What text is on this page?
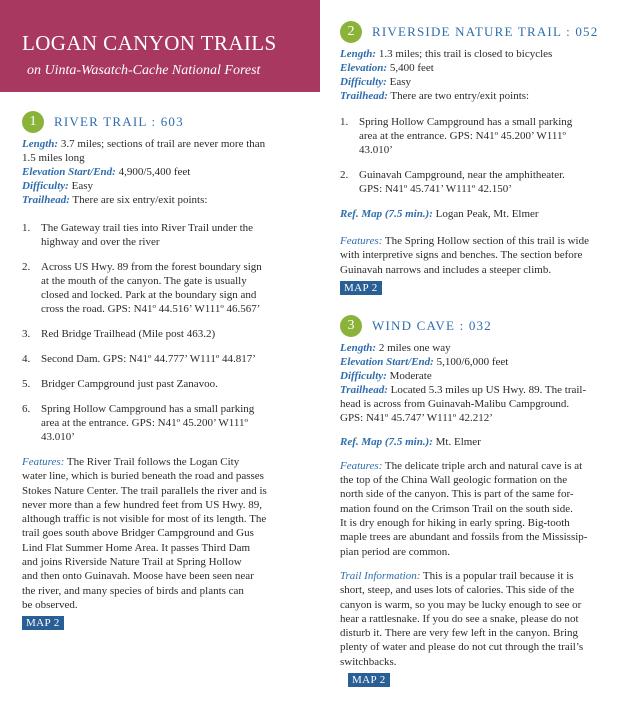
LOGAN CANYON TRAILS
on Uinta-Wasatch-Cache National Forest
1	RIVER TRAIL : 603
Length: 3.7 miles; sections of trail are never more than
1.5 miles long
Elevation Start/End: 4,900/5,400 feet
Difficulty: Easy
Trailhead: There are six entry/exit points:
1. The Gateway trail ties into River Trail under the
highway and over the river
2. Across US Hwy. 89 from the forest boundary sign
at the mouth of the canyon. The gate is usually
closed and locked. Park at the boundary sign and
cross the road. GPS: N41º 44.516’ W111º 46.567’
3. Red Bridge Trailhead (Mile post 463.2)
4. Second Dam. GPS: N41º 44.777’ W111º 44.817’
5. Bridger Campground just past Zanavoo.
6. Spring Hollow Campground has a small parking
area at the entrance. GPS: N41º 45.200’ W111º
43.010’
Features: The River Trail follows the Logan City
water line, which is buried beneath the road and passes
Stokes Nature Center. The trail parallels the river and is
never more than a few hundred feet from US Hwy. 89,
although traffic is not visible for most of its length. The
trail goes south above Bridger Campground and Gus
Lind Flat Summer Home Area. It passes Third Dam
and joins Riverside Nature Trail at Spring Hollow
and then onto Guinavah. Moose have been seen near
the river, and many species of birds and plants can
be observed.
MAP 2
2	RIVERSIDE NATURE TRAIL : 052
Length: 1.3 miles; this trail is closed to bicycles
Elevation: 5,400 feet
Difficulty: Easy
Trailhead: There are two entry/exit points:
1. Spring Hollow Campground has a small parking
area at the entrance. GPS: N41º 45.200’ W111º
43.010’
2. Guinavah Campground, near the amphitheater.
GPS: N41º 45.741’ W111º 42.150’
Ref. Map (7.5 min.): Logan Peak, Mt. Elmer
Features: The Spring Hollow section of this trail is wide
with interpretive signs and benches. The section before
Guinavah narrows and includes a steeper climb.
MAP 2
3	WIND CAVE : 032
Length: 2 miles one way
Elevation Start/End: 5,100/6,000 feet
Difficulty: Moderate
Trailhead: Located 5.3 miles up US Hwy. 89. The trail-
head is across from Guinavah-Malibu Campground.
GPS: N41º 45.747’ W111º 42.212’
Ref. Map (7.5 min.): Mt. Elmer
Features: The delicate triple arch and natural cave is at
the top of the China Wall geologic formation on the
north side of the canyon. This is part of the same for-
mation found on the Crimson Trail on the south side.
It is dry enough for hiking in early spring. Big-tooth
maple trees are abundant and fossils from the Mississip-
pian period are common.
Trail Information: This is a popular trail because it is
short, steep, and uses lots of calories. This side of the
canyon is warm, so you may be lucky enough to see or
hear a rattlesnake. If you do see a snake, please do not
disturb it. There are very few left in the canyon. Bring
plenty of water and please do not cut through the trail’s
switchbacks.
MAP 2
